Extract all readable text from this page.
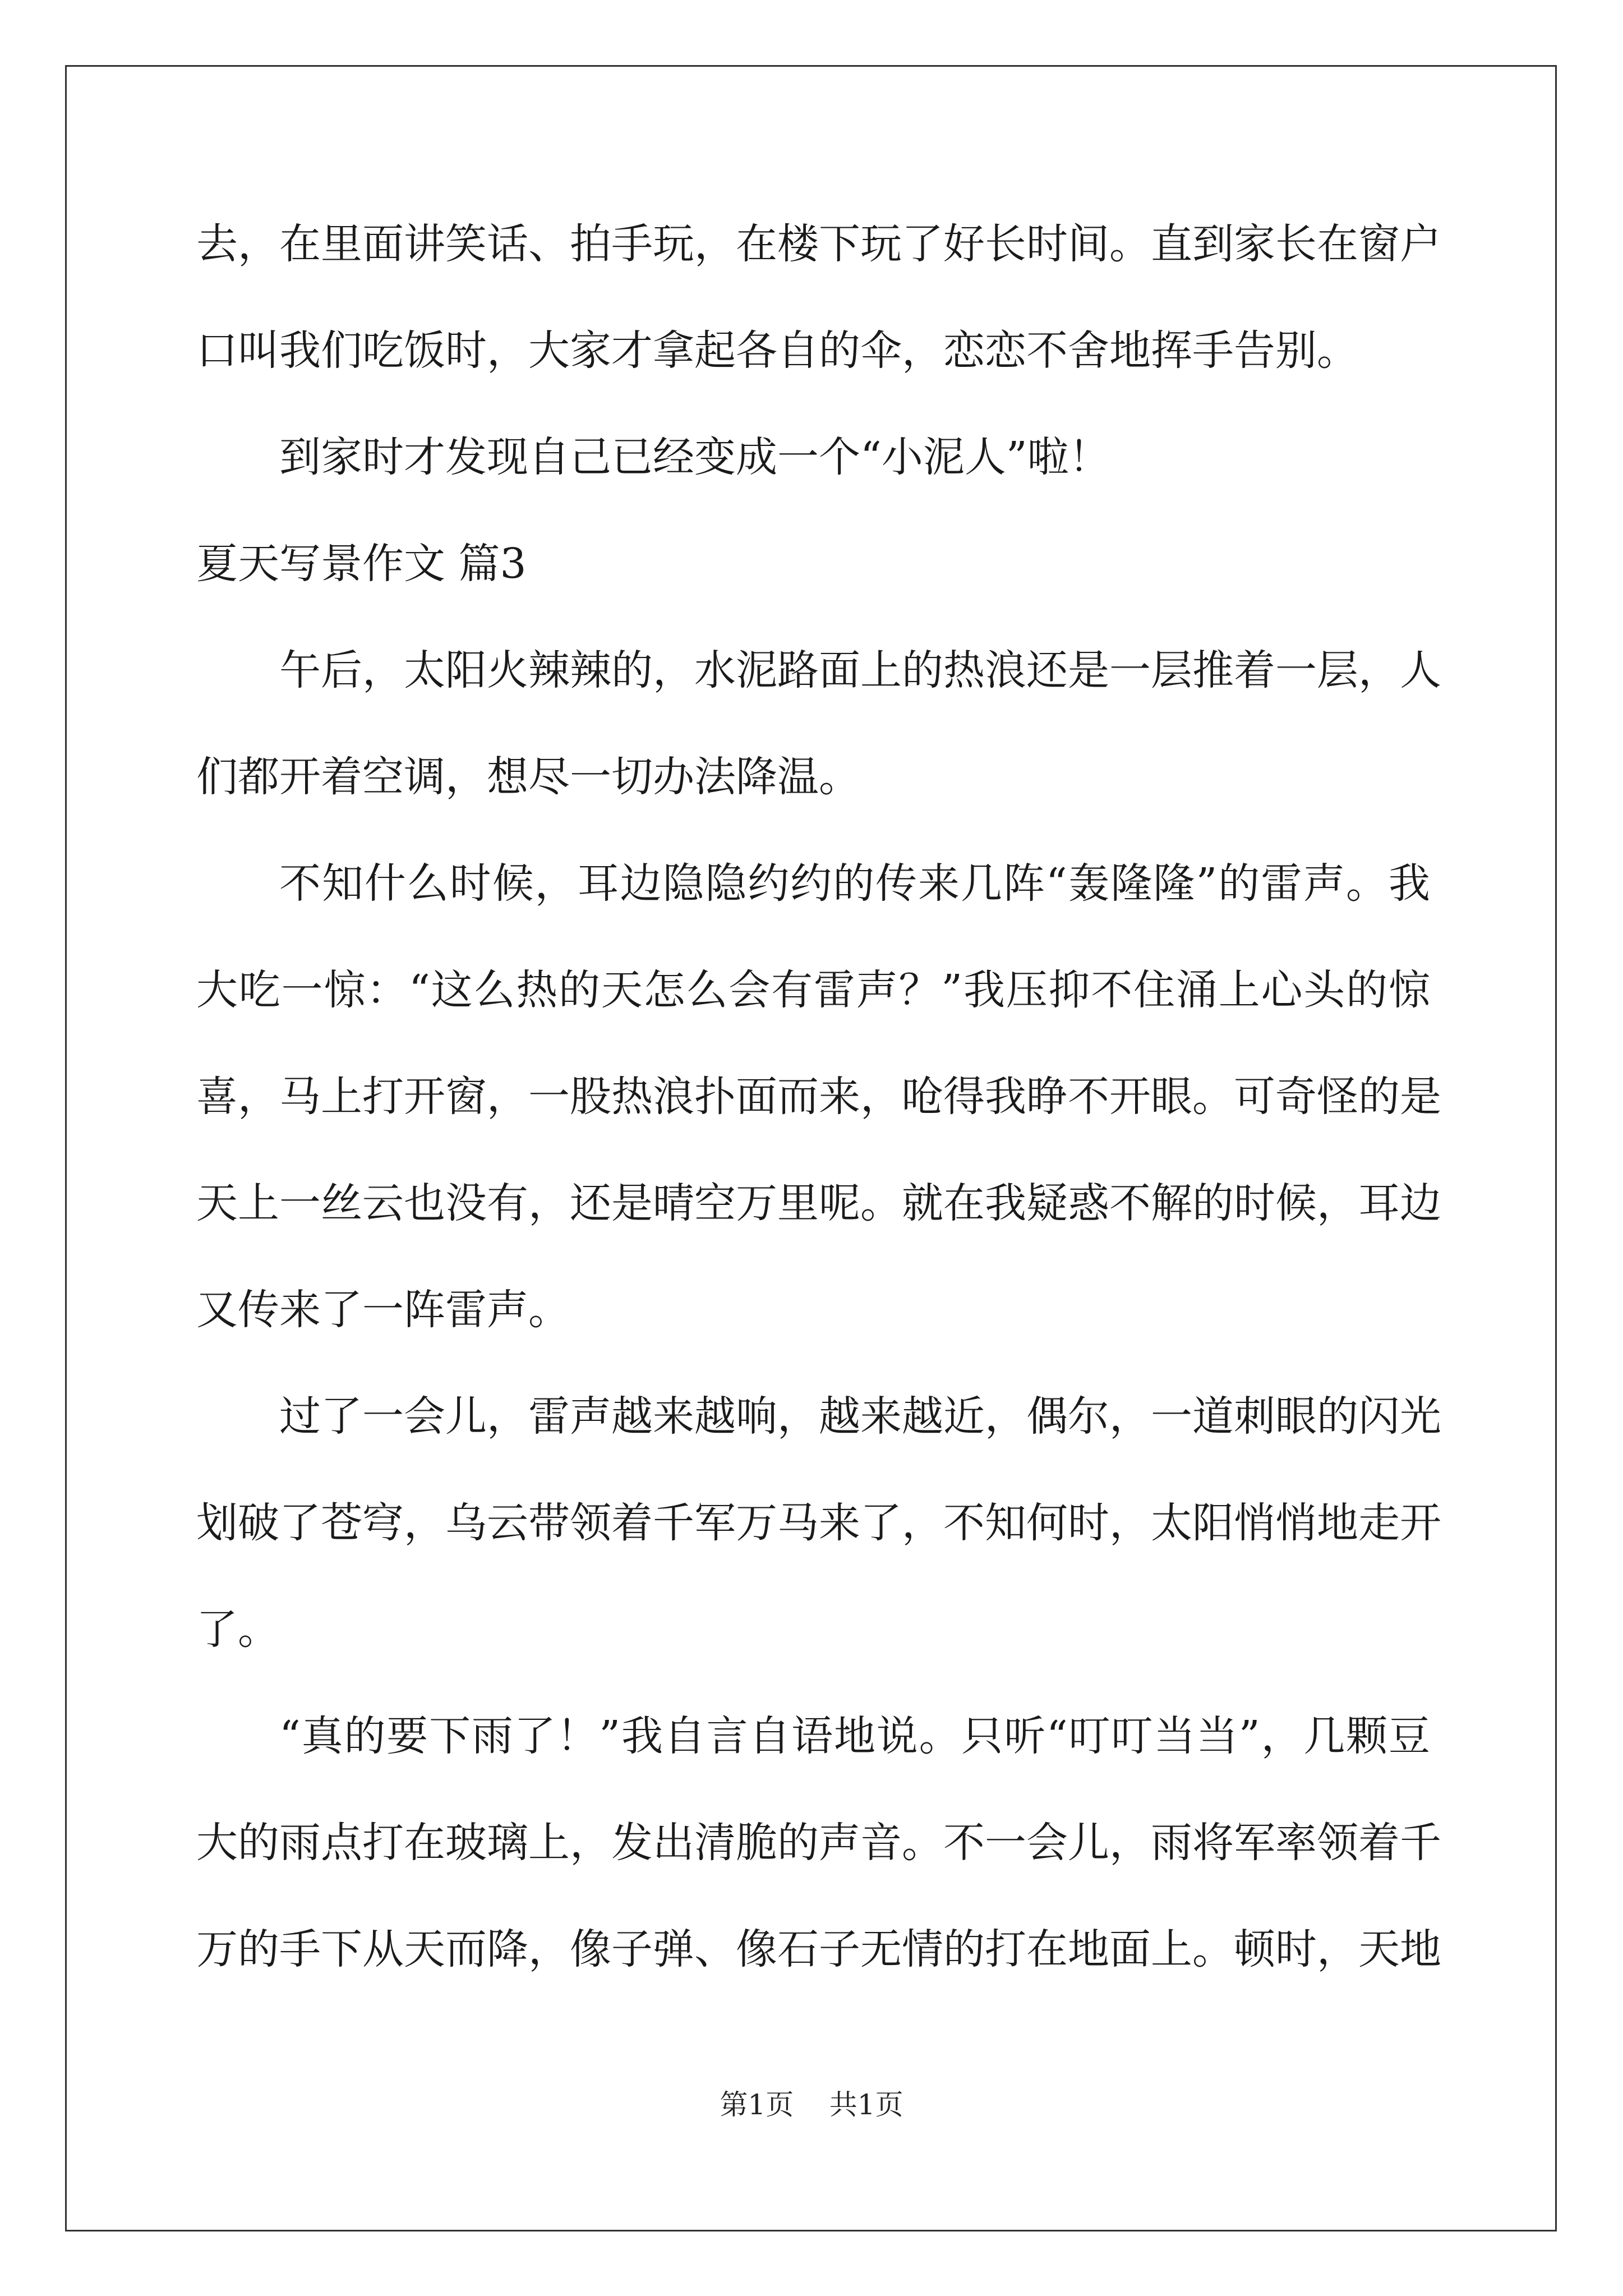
去，在里面讲笑话、拍手玩，在楼下玩了好长时间。直到家长在窗户
口叫我们吃饭时，大家才拿起各自的伞，恋恋不舍地挥手告别。
到家时才发现自己已经变成一个“小泥人”啦！
夏天写景作文 篇3
午后，太阳火辣辣的，水泥路面上的热浪还是一层推着一层，人
们都开着空调，想尽一切办法降温。
不知什么时候，耳边隐隐约约的传来几阵“轰隆隆”的雷声。我
大吃一惊：“这么热的天怎么会有雷声？”我压抑不住涌上心头的惊
喜，马上打开窗，一股热浪扑面而来，呛得我睁不开眼。可奇怪的是
天上一丝云也没有，还是晴空万里呢。就在我疑惑不解的时候，耳边
又传来了一阵雷声。
过了一会儿，雷声越来越响，越来越近，偶尔，一道刺眼的闪光
划破了苍穹，乌云带领着千军万马来了，不知何时，太阳悄悄地走开
了。
“真的要下雨了！”我自言自语地说。只听“叮叮当当”，几颗豆
大的雨点打在玻璃上，发出清脆的声音。不一会儿，雨将军率领着千
万的手下从天而降，像子弹、像石子无情的打在地面上。顿时，天地
第1页 共1页
